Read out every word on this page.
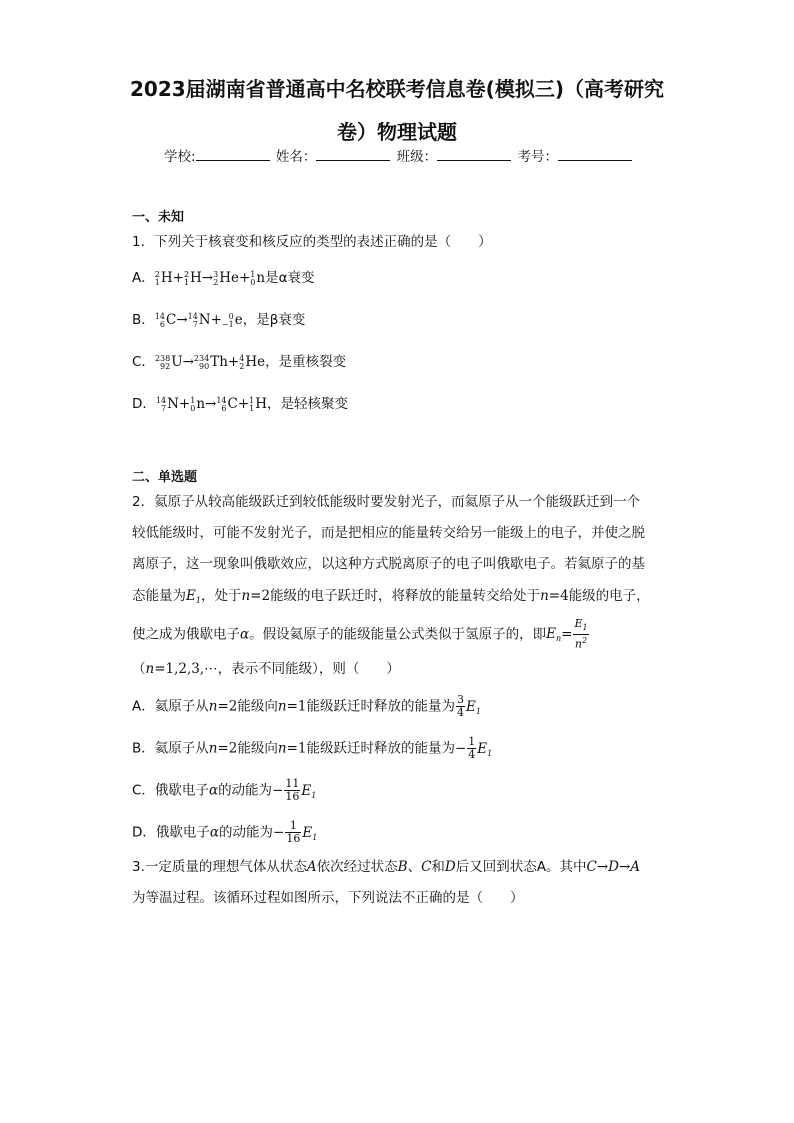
2023届湖南省普通高中名校联考信息卷(模拟三)（高考研究
卷）物理试题
学校:	姓名：	班级：	考号：
一、未知
1．下列关于核衰变和核反应的类型的表述正确的是（　　）
A． 2
1 H+ 2
1 H→ 3
2 He+ 1
0 n是α衰变
B． 14
6 C→ 14
7 N+ 0
−1 e，是β衰变
C． 238
92 U→ 234
90 Th+ 4
2 He，是重核裂变
D． 14
7 N+ 1
0 n→ 14
6 C+ 1
1 H，是轻核聚变
二、单选题
2．氦原子从较高能级跃迁到较低能级时要发射光子，而氦原子从一个能级跃迁到一个
较低能级时，可能不发射光子，而是把相应的能量转交给另一能级上的电子，并使之脱
离原子，这一现象叫俄歇效应，以这种方式脱离原子的电子叫俄歇电子。若氦原子的基
态能量为$E_1$，处于n=2能级的电子跃迁时，将释放的能量转交给处于n=4能级的电子，
使之成为俄歇电子α。假设氦原子的能级能量公式类似于氢原子的，即$E_n= \frac{E_1}{n^2}$
（n=1,2,3,⋯，表示不同能级），则（　　）
A．氦原子从n=2能级向n=1能级跃迁时释放的能量为 $\frac{3}{4} E_1$
B．氦原子从n=2能级向n=1能级跃迁时释放的能量为− $\frac{1}{4} E_1$
C．俄歇电子α的动能为− $\frac{11}{16} E_1$
D．俄歇电子α的动能为− $\frac{1}{16} E_1$
3.一定质量的理想气体从状态A依次经过状态B、C和D后又回到状态A。其中C→D→A
为等温过程。该循环过程如图所示，下列说法不正确的是（　　）
